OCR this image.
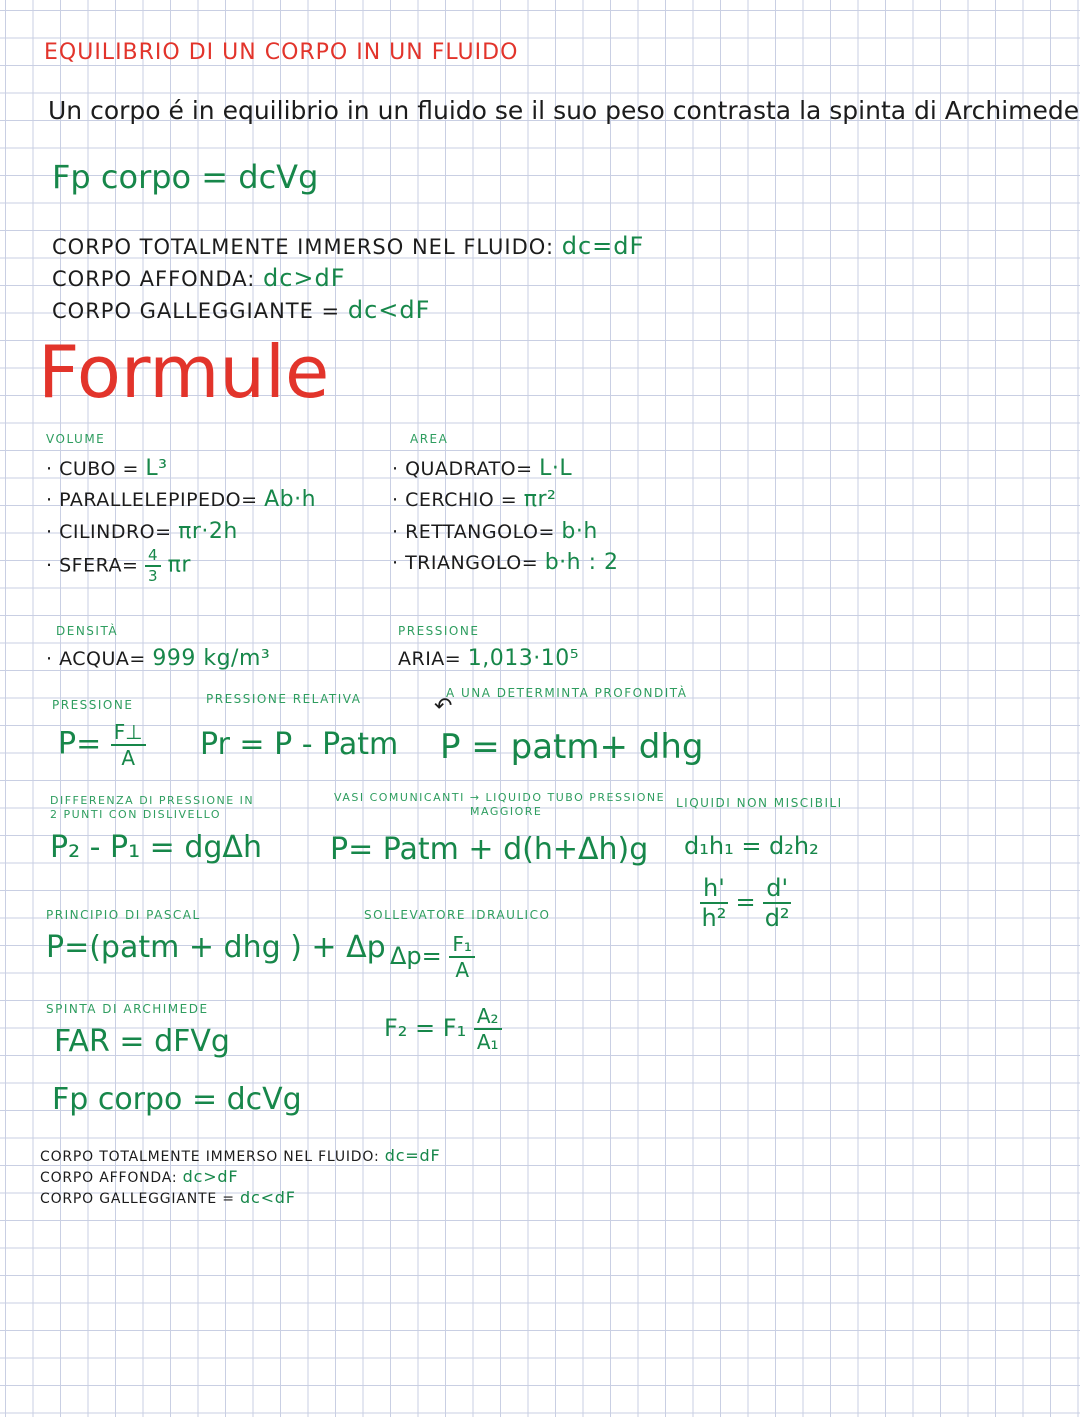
EQUILIBRIO DI UN CORPO IN UN FLUIDO
Un corpo é in equilibrio in un fluido se il suo peso contrasta la spinta di Archimede
Fp corpo = dcVg
CORPO TOTALMENTE IMMERSO NEL FLUIDO: dc=dF
CORPO AFFONDA: dc>dF
CORPO GALLEGGIANTE = dc<dF
Formule
VOLUME
· CUBO = L³
· PARALLELEPIPEDO= Ab·h
· CILINDRO= πr·2h
· SFERA= $\frac{4}{3}$ πr
AREA
· QUADRATO= L·L
· CERCHIO = πr²
· RETTANGOLO= b·h
· TRIANGOLO= b·h : 2
DENSITÀ
· ACQUA= 999 kg/m³
PRESSIONE
ARIA= 1,013·10⁵
PRESSIONE
$P= \frac{F\perp}{A}$
PRESSIONE RELATIVA
Pr = P - Patm
↶
A UNA DETERMINTA PROFONDITÀ
P = patm+ dhg
DIFFERENZA DI PRESSIONE IN
2 PUNTI CON DISLIVELLO
P₂ - P₁ = dgΔh
VASI COMUNICANTI → LIQUIDO TUBO PRESSIONE
MAGGIORE
P= Patm + d(h+Δh)g
LIQUIDI NON MISCIBILI
d₁h₁ = d₂h₂
$\frac{h'}{\text{h²}} = \frac{d'}{\text{d²}}$
PRINCIPIO DI PASCAL
P=(patm + dhg ) + Δp
SOLLEVATORE IDRAULICO
$\Delta p= \frac{\text{F₁}}{A}$
$F_2 = F_1 \frac{\text{A₂}}{\text{A₁}}$
SPINTA DI ARCHIMEDE
FAR = dFVg
Fp corpo = dcVg
CORPO TOTALMENTE IMMERSO NEL FLUIDO: dc=dF
CORPO AFFONDA: dc>dF
CORPO GALLEGGIANTE = dc<dF
